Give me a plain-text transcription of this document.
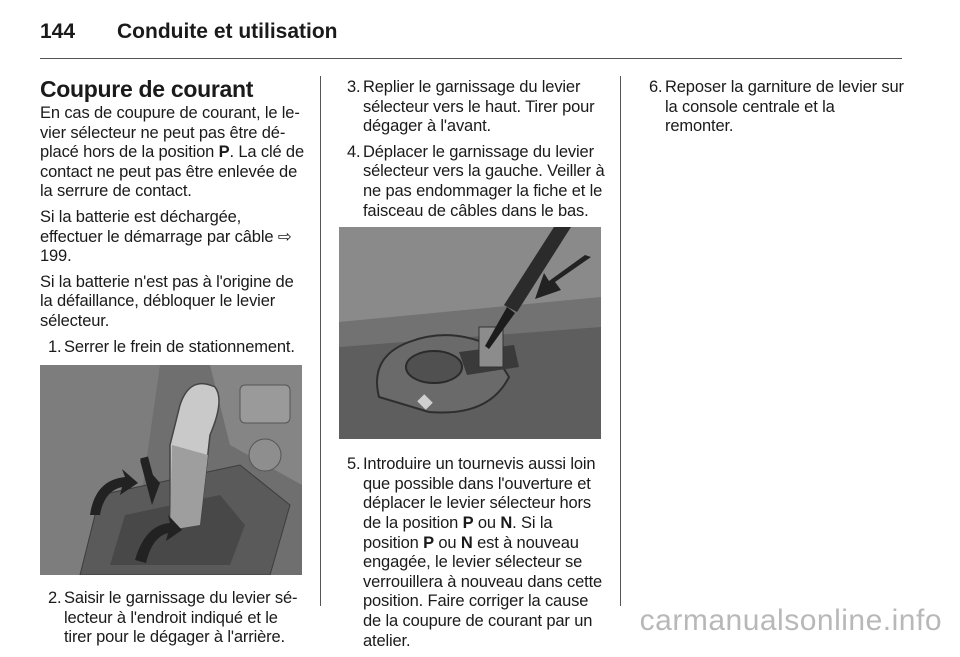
144 Conduite et utilisation
Coupure de courant

En cas de coupure de courant, le levier sélecteur ne peut pas être déplacé hors de la position P. La clé de contact ne peut pas être enlevée de la serrure de contact.

Si la batterie est déchargée, effectuer le démarrage par câble ⇨ 199.

Si la batterie n'est pas à l'origine de la défaillance, débloquer le levier sélecteur.

1. Serrer le frein de stationnement.
2. Saisir le garnissage du levier sélecteur à l'endroit indiqué et le tirer pour le dégager à l'arrière.
3. Replier le garnissage du levier sélecteur vers le haut. Tirer pour dégager à l'avant.
4. Déplacer le garnissage du levier sélecteur vers la gauche. Veiller à ne pas endommager la fiche et le faisceau de câbles dans le bas.
5. Introduire un tournevis aussi loin que possible dans l'ouverture et déplacer le levier sélecteur hors de la position P ou N. Si la position P ou N est à nouveau engagée, le levier sélecteur se verrouillera à nouveau dans cette position. Faire corriger la cause de la coupure de courant par un atelier.
6. Reposer la garniture de levier sur la console centrale et la remonter.
carmanualsonline.info
